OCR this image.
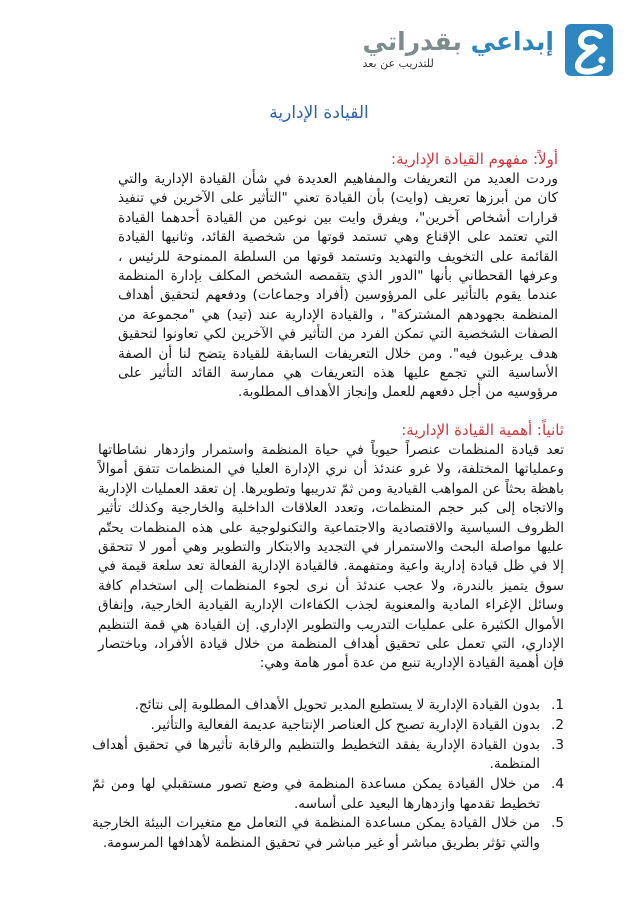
إبداعي بقدراتي
للتدريب عن بعد
القيادة الإدارية
أولاً: مفهوم القيادة الإدارية:

وردت العديد من التعريفات والمفاهيم العديدة في شأن القيادة الإدارية والتي كان من أبرزها تعريف (وايت) بأن القيادة تعني "التأثير على الآخرين في تنفيذ قرارات أشخاص آخرين"، ويفرق وايت بين نوعين من القيادة أحدهما القيادة التي تعتمد على الإقناع وهي تستمد قوتها من شخصية القائد، وثانيها القيادة القائمة على التخويف والتهديد وتستمد قوتها من السلطة الممنوحة للرئيس ، وعرفها القحطاني بأنها "الدور الذي يتقمصه الشخص المكلف بإدارة المنظمة عندما يقوم بالتأثير على المرؤوسين (أفراد وجماعات) ودفعهم لتحقيق أهداف المنظمة بجهودهم المشتركة" ، والقيادة الإدارية عند (تيد) هي "مجموعة من الصفات الشخصية التي تمكن الفرد من التأثير في الآخرين لكي تعاونوا لتحقيق هدف يرغبون فيه". ومن خلال التعريفات السابقة للقيادة يتضح لنا أن الصفة الأساسية التي تجمع عليها هذه التعريفات هي ممارسة القائد التأثير على مرؤوسيه من أجل دفعهم للعمل وإنجاز الأهداف المطلوبة.

ثانياً: أهمية القيادة الإدارية:

تعد قيادة المنظمات عنصراً حيوياً في حياة المنظمة واستمرار وازدهار نشاطاتها وعملياتها المختلفة، ولا غرو عندئذ أن نري الإدارة العليا في المنظمات تتفق أموالاً باهظة بحثاً عن المواهب القيادية ومن ثمّ تدريبها وتطويرها. إن تعقد العمليات الإدارية والاتجاه إلى كبر حجم المنظمات، وتعدد العلاقات الداخلية والخارجية وكذلك تأثير الظروف السياسية والاقتصادية والاجتماعية والتكنولوجية على هذه المنظمات يحتّم عليها مواصلة البحث والاستمرار في التجديد والابتكار والتطوير وهي أمور لا تتحقق إلا في ظل قيادة إدارية واعية ومتفهمة. فالقيادة الإدارية الفعالة تعد سلعة قيمة في سوق يتميز بالندرة، ولا عجب عندئذ أن نرى لجوء المنظمات إلى استخدام كافة وسائل الإغراء المادية والمعنوية لجذب الكفاءات الإدارية القيادية الخارجية، وإنفاق الأموال الكثيرة على عمليات التدريب والتطوير الإداري. إن القيادة هي قمة التنظيم الإداري، التي تعمل على تحقيق أهداف المنظمة من خلال قيادة الأفراد، وباختصار فإن أهمية القيادة الإدارية تنبع من عدة أمور هامة وهي:

1.
بدون القيادة الإدارية لا يستطيع المدير تحويل الأهداف المطلوبة إلى نتائج.
2.
بدون القيادة الإدارية تصبح كل العناصر الإنتاجية عديمة الفعالية والتأثير.
3.
بدون القيادة الإدارية يفقد التخطيط والتنظيم والرقابة تأثيرها في تحقيق أهداف المنظمة.
4.
من خلال القيادة يمكن مساعدة المنظمة في وضع تصور مستقبلي لها ومن ثمّ تخطيط تقدمها وازدهارها البعيد على أساسه.
5.
من خلال القيادة يمكن مساعدة المنظمة في التعامل مع متغيرات البيئة الخارجية والتي تؤثر بطريق مباشر أو غير مباشر في تحقيق المنظمة لأهدافها المرسومة.
